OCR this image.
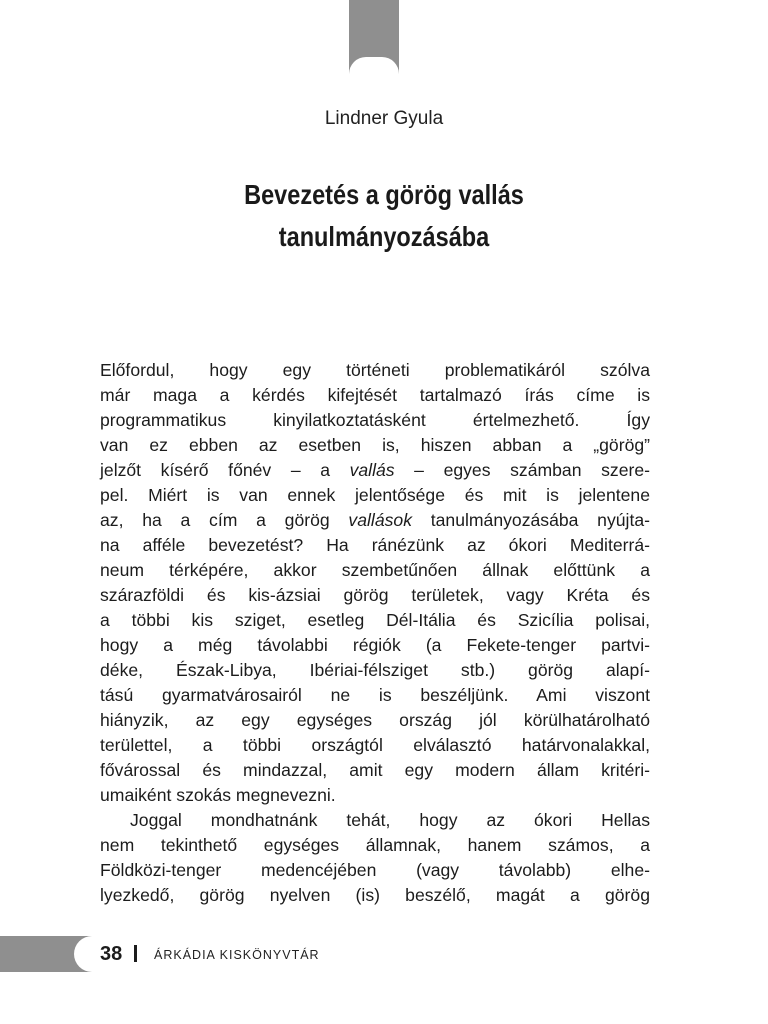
Lindner Gyula
Bevezetés a görög vallás
tanulmányozásába
Előfordul, hogy egy történeti problematikáról szólva
már maga a kérdés kifejtését tartalmazó írás címe is
programmatikus kinyilatkoztatásként értelmezhető. Így
van ez ebben az esetben is, hiszen abban a „görög”
jelzőt kísérő főnév – a vallás – egyes számban szere-
pel. Miért is van ennek jelentősége és mit is jelentene
az, ha a cím a görög vallások tanulmányozásába nyújta-
na afféle bevezetést? Ha ránézünk az ókori Mediterrá-
neum térképére, akkor szembetűnően állnak előttünk a
szárazföldi és kis-ázsiai görög területek, vagy Kréta és
a többi kis sziget, esetleg Dél-Itália és Szicília polisai,
hogy a még távolabbi régiók (a Fekete-tenger partvi-
déke, Észak-Libya, Ibériai-félsziget stb.) görög alapí-
tású gyarmatvárosairól ne is beszéljünk. Ami viszont
hiányzik, az egy egységes ország jól körülhatárolható
területtel, a többi országtól elválasztó határvonalakkal,
fővárossal és mindazzal, amit egy modern állam kritéri-
umaiként szokás megnevezni.
Joggal mondhatnánk tehát, hogy az ókori Hellas
nem tekinthető egységes államnak, hanem számos, a
Földközi-tenger medencéjében (vagy távolabb) elhe-
lyezkedő, görög nyelven (is) beszélő, magát a görög
38	ÁRKÁDIA KISKÖNYVTÁR
